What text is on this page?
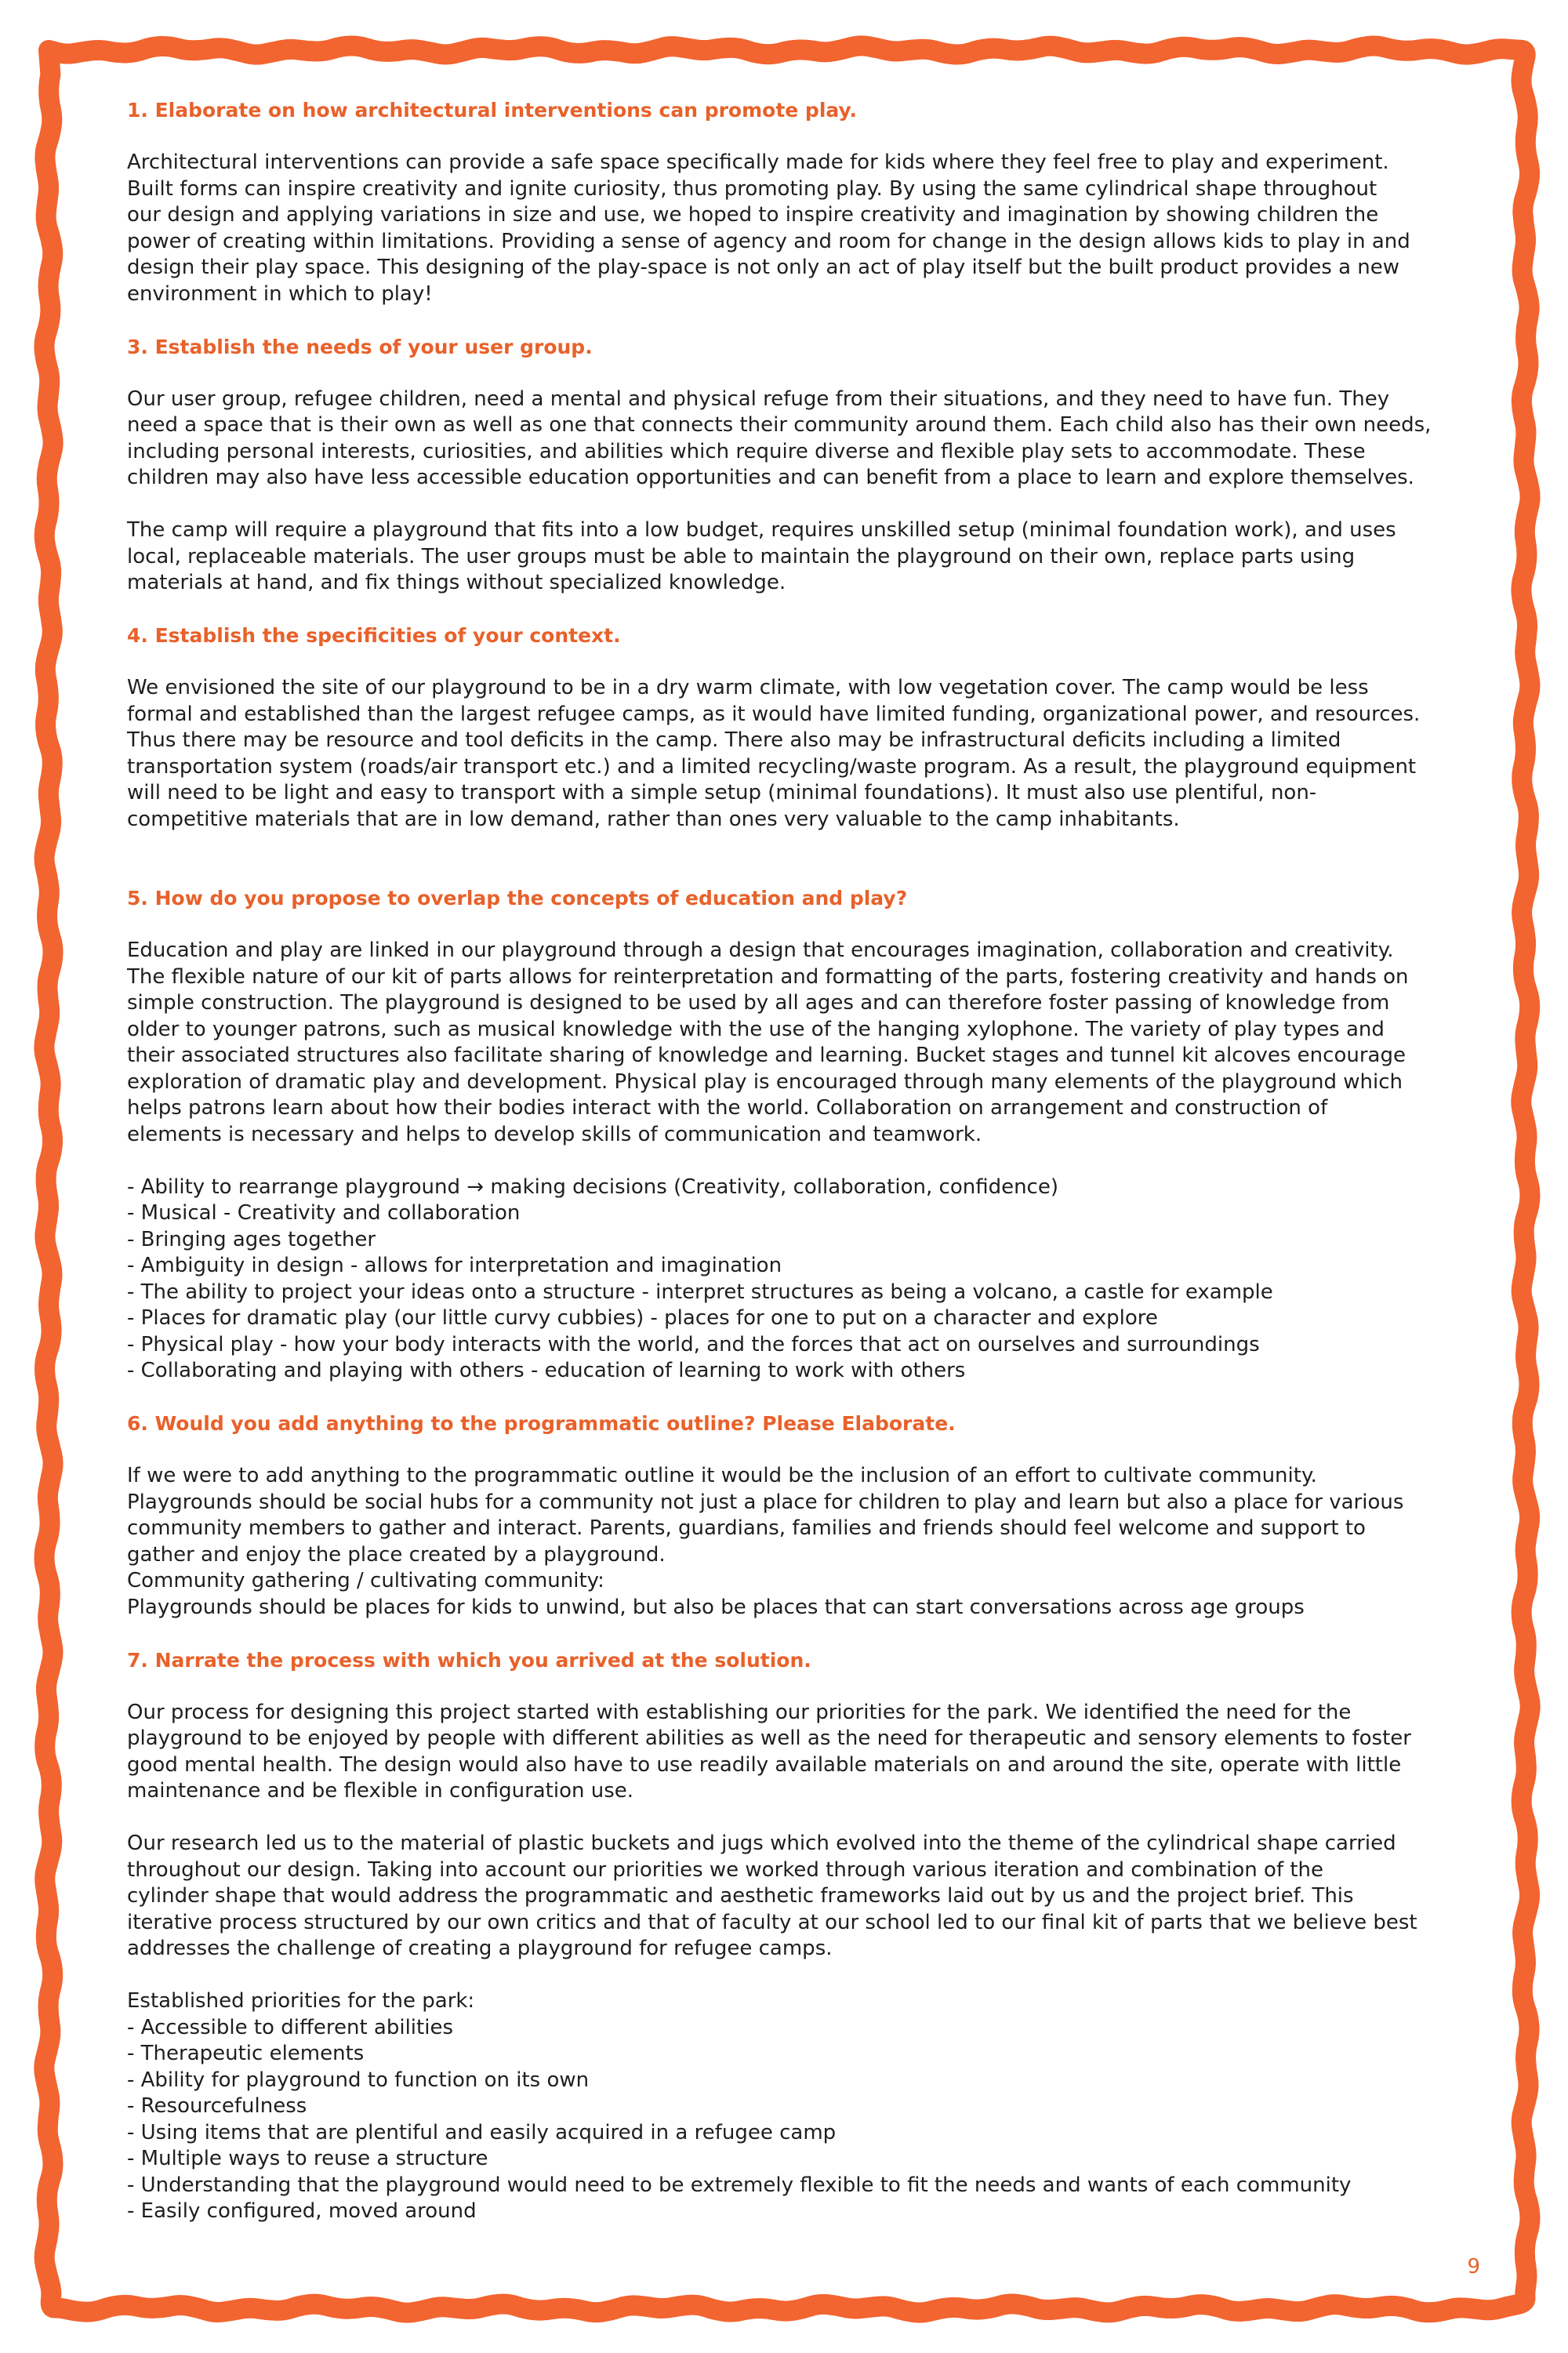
1. Elaborate on how architectural interventions can promote play.

Architectural interventions can provide a safe space specifically made for kids where they feel free to play and experiment.
Built forms can inspire creativity and ignite curiosity, thus promoting play. By using the same cylindrical shape throughout
our design and applying variations in size and use, we hoped to inspire creativity and imagination by showing children the
power of creating within limitations. Providing a sense of agency and room for change in the design allows kids to play in and
design their play space. This designing of the play-space is not only an act of play itself but the built product provides a new
environment in which to play!

3. Establish the needs of your user group.

Our user group, refugee children, need a mental and physical refuge from their situations, and they need to have fun. They
need a space that is their own as well as one that connects their community around them. Each child also has their own needs,
including personal interests, curiosities, and abilities which require diverse and flexible play sets to accommodate. These
children may also have less accessible education opportunities and can benefit from a place to learn and explore themselves.

The camp will require a playground that fits into a low budget, requires unskilled setup (minimal foundation work), and uses
local, replaceable materials. The user groups must be able to maintain the playground on their own, replace parts using
materials at hand, and fix things without specialized knowledge.

4. Establish the specificities of your context.

We envisioned the site of our playground to be in a dry warm climate, with low vegetation cover. The camp would be less
formal and established than the largest refugee camps, as it would have limited funding, organizational power, and resources.
Thus there may be resource and tool deficits in the camp. There also may be infrastructural deficits including a limited
transportation system (roads/air transport etc.) and a limited recycling/waste program. As a result, the playground equipment
will need to be light and easy to transport with a simple setup (minimal foundations). It must also use plentiful, non-
competitive materials that are in low demand, rather than ones very valuable to the camp inhabitants.

5. How do you propose to overlap the concepts of education and play?

Education and play are linked in our playground through a design that encourages imagination, collaboration and creativity.
The flexible nature of our kit of parts allows for reinterpretation and formatting of the parts, fostering creativity and hands on
simple construction. The playground is designed to be used by all ages and can therefore foster passing of knowledge from
older to younger patrons, such as musical knowledge with the use of the hanging xylophone. The variety of play types and
their associated structures also facilitate sharing of knowledge and learning. Bucket stages and tunnel kit alcoves encourage
exploration of dramatic play and development. Physical play is encouraged through many elements of the playground which
helps patrons learn about how their bodies interact with the world. Collaboration on arrangement and construction of
elements is necessary and helps to develop skills of communication and teamwork.

- Ability to rearrange playground → making decisions (Creativity, collaboration, confidence)
- Musical - Creativity and collaboration
- Bringing ages together
- Ambiguity in design - allows for interpretation and imagination
- The ability to project your ideas onto a structure - interpret structures as being a volcano, a castle for example
- Places for dramatic play (our little curvy cubbies) - places for one to put on a character and explore
- Physical play - how your body interacts with the world, and the forces that act on ourselves and surroundings
- Collaborating and playing with others - education of learning to work with others

6. Would you add anything to the programmatic outline? Please Elaborate.

If we were to add anything to the programmatic outline it would be the inclusion of an effort to cultivate community.
Playgrounds should be social hubs for a community not just a place for children to play and learn but also a place for various
community members to gather and interact. Parents, guardians, families and friends should feel welcome and support to
gather and enjoy the place created by a playground.
Community gathering / cultivating community:
Playgrounds should be places for kids to unwind, but also be places that can start conversations across age groups

7. Narrate the process with which you arrived at the solution.

Our process for designing this project started with establishing our priorities for the park. We identified the need for the
playground to be enjoyed by people with different abilities as well as the need for therapeutic and sensory elements to foster
good mental health. The design would also have to use readily available materials on and around the site, operate with little
maintenance and be flexible in configuration use.

Our research led us to the material of plastic buckets and jugs which evolved into the theme of the cylindrical shape carried
throughout our design. Taking into account our priorities we worked through various iteration and combination of the
cylinder shape that would address the programmatic and aesthetic frameworks laid out by us and the project brief. This
iterative process structured by our own critics and that of faculty at our school led to our final kit of parts that we believe best
addresses the challenge of creating a playground for refugee camps.

Established priorities for the park:

- Accessible to different abilities
- Therapeutic elements
- Ability for playground to function on its own
- Resourcefulness
- Using items that are plentiful and easily acquired in a refugee camp
- Multiple ways to reuse a structure
- Understanding that the playground would need to be extremely flexible to fit the needs and wants of each community
- Easily configured, moved around
9
